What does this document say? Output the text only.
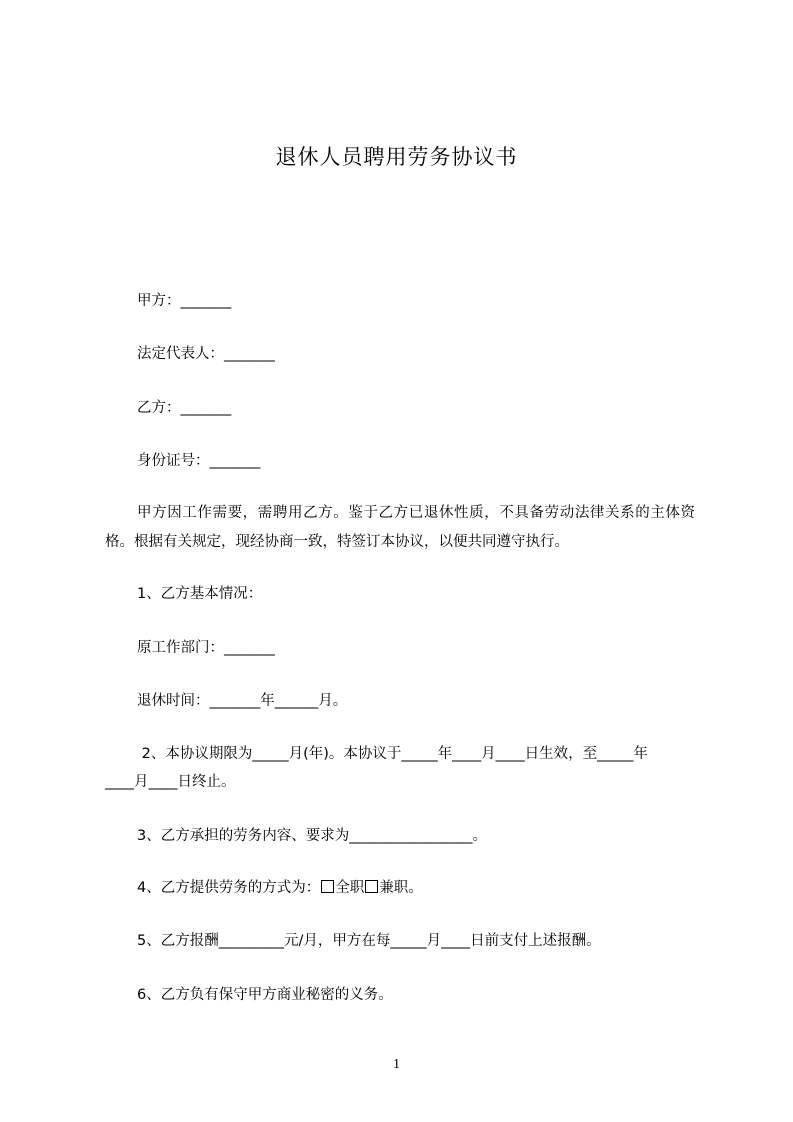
退休人员聘用劳务协议书
甲方：_______
法定代表人：_______
乙方：_______
身份证号：_______
甲方因工作需要，需聘用乙方。鉴于乙方已退休性质，不具备劳动法律关系的主体资格。根据有关规定，现经协商一致，特签订本协议，以便共同遵守执行。
1、乙方基本情况：
原工作部门：_______
退休时间：_______年______月。
2、本协议期限为_____月(年)。本协议于_____年____月____日生效，至_____年
____月____日终止。
3、乙方承担的劳务内容、要求为_________________。
4、乙方提供劳务的方式为： 全职 兼职。
5、乙方报酬_________元/月，甲方在每_____月____日前支付上述报酬。
6、乙方负有保守甲方商业秘密的义务。
1
